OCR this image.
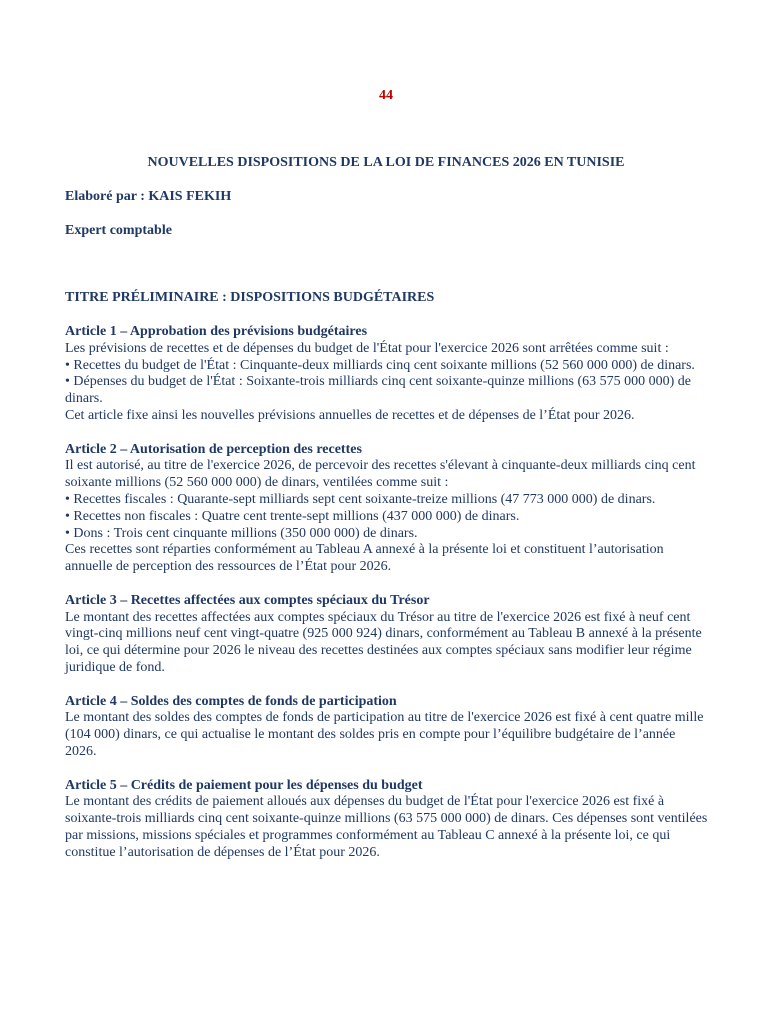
44
NOUVELLES DISPOSITIONS DE LA LOI DE FINANCES 2026 EN TUNISIE
Elaboré par : KAIS FEKIH
Expert comptable
TITRE PRÉLIMINAIRE : DISPOSITIONS BUDGÉTAIRES
Article 1 – Approbation des prévisions budgétaires

Les prévisions de recettes et de dépenses du budget de l'État pour l'exercice 2026 sont arrêtées comme suit :

• Recettes du budget de l'État : Cinquante-deux milliards cinq cent soixante millions (52 560 000 000) de dinars.

• Dépenses du budget de l'État : Soixante-trois milliards cinq cent soixante-quinze millions (63 575 000 000) de dinars.

Cet article fixe ainsi les nouvelles prévisions annuelles de recettes et de dépenses de l’État pour 2026.

Article 2 – Autorisation de perception des recettes

Il est autorisé, au titre de l'exercice 2026, de percevoir des recettes s'élevant à cinquante-deux milliards cinq cent soixante millions (52 560 000 000) de dinars, ventilées comme suit :

• Recettes fiscales : Quarante-sept milliards sept cent soixante-treize millions (47 773 000 000) de dinars.

• Recettes non fiscales : Quatre cent trente-sept millions (437 000 000) de dinars.

• Dons : Trois cent cinquante millions (350 000 000) de dinars.

Ces recettes sont réparties conformément au Tableau A annexé à la présente loi et constituent l’autorisation annuelle de perception des ressources de l’État pour 2026.

Article 3 – Recettes affectées aux comptes spéciaux du Trésor

Le montant des recettes affectées aux comptes spéciaux du Trésor au titre de l'exercice 2026 est fixé à neuf cent vingt-cinq millions neuf cent vingt-quatre (925 000 924) dinars, conformément au Tableau B annexé à la présente loi, ce qui détermine pour 2026 le niveau des recettes destinées aux comptes spéciaux sans modifier leur régime juridique de fond.

Article 4 – Soldes des comptes de fonds de participation

Le montant des soldes des comptes de fonds de participation au titre de l'exercice 2026 est fixé à cent quatre mille (104 000) dinars, ce qui actualise le montant des soldes pris en compte pour l’équilibre budgétaire de l’année 2026.

Article 5 – Crédits de paiement pour les dépenses du budget

Le montant des crédits de paiement alloués aux dépenses du budget de l'État pour l'exercice 2026 est fixé à soixante-trois milliards cinq cent soixante-quinze millions (63 575 000 000) de dinars. Ces dépenses sont ventilées par missions, missions spéciales et programmes conformément au Tableau C annexé à la présente loi, ce qui constitue l’autorisation de dépenses de l’État pour 2026.
